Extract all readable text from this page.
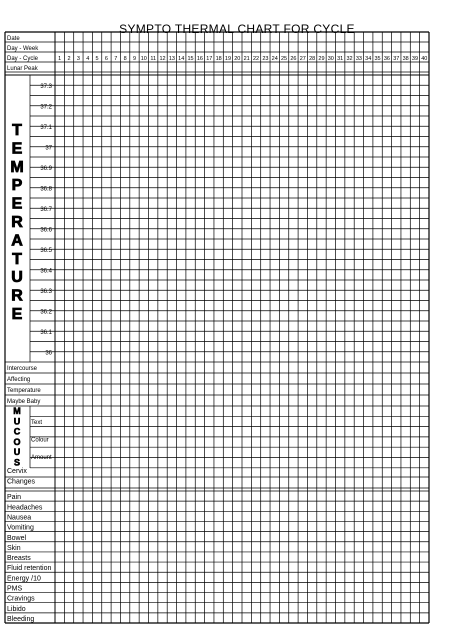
SYMPTO THERMAL CHART FOR CYCLE
Date
Day - Week
Day - Cycle
Lunar Peak
1 2 3 4 5 6 7 8 9 10 11 12 13 14 15 16 17 18 19 20 21 22 23 24 25 26 27 28 29 30 31 32 33 34 35 36 37 38 39 40
T
E
M
P
E
R
A
T
U
R
E
37.3
37.2
37.1
37
36.9
36.8
36.7
36.6
36.5
36.4
36.3
36.2
36.1
36
Intercourse
Affecting
Temperature
Maybe Baby
M
U
C
O
U
S
Text
Colour
Amount
Cervix
Changes
Pain
Headaches
Nausea
Vomiting
Bowel
Skin
Breasts
Fluid retention
Energy /10
PMS
Cravings
Libido
Bleeding
